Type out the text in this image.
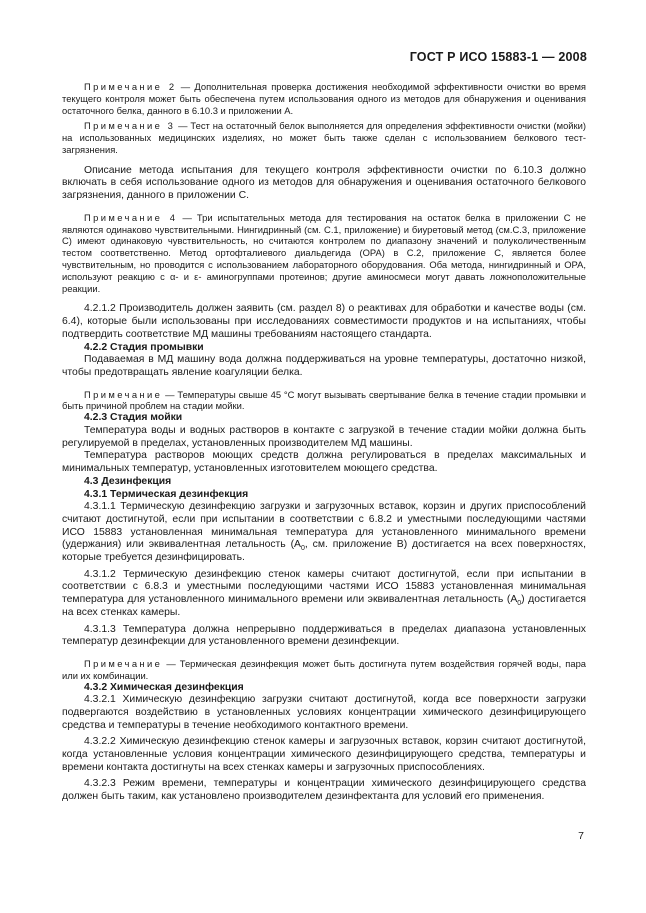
ГОСТ Р ИСО 15883-1 — 2008

Примечание 2 — Дополнительная проверка достижения необходимой эффективности очистки во время текущего контроля может быть обеспечена путем использования одного из методов для обнаружения и оценивания остаточного белка, данного в 6.10.3 и приложении А.

Примечание 3 — Тест на остаточный белок выполняется для определения эффективности очистки (мойки) на использованных медицинских изделиях, но может быть также сделан с использованием белкового тест-загрязнения.

Описание метода испытания для текущего контроля эффективности очистки по 6.10.3 должно включать в себя использование одного из методов для обнаружения и оценивания остаточного белкового загрязнения, данного в приложении С.

Примечание 4 — Три испытательных метода для тестирования на остаток белка в приложении С не являются одинаково чувствительными. Нингидринный (см. С.1, приложение) и биуретовый метод (см.С.3, приложение С) имеют одинаковую чувствительность, но считаются контролем по диапазону значений и полуколичественным тестом соответственно. Метод ортофталиевого диальдегида (ОРА) в С.2, приложение С, является более чувствительным, но проводится с использованием лабораторного оборудования. Оба метода, нингидринный и ОРА, используют реакцию с α- и ε- аминогруппами протеинов; другие аминосмеси могут давать ложноположительные реакции.

4.2.1.2 Производитель должен заявить (см. раздел 8) о реактивах для обработки и качестве воды (см. 6.4), которые были использованы при исследованиях совместимости продуктов и на испытаниях, чтобы подтвердить соответствие МД машины требованиям настоящего стандарта.

4.2.2 Стадия промывки

Подаваемая в МД машину вода должна поддерживаться на уровне температуры, достаточно низкой, чтобы предотвращать явление коагуляции белка.

Примечание — Температуры свыше 45 °С могут вызывать свертывание белка в течение стадии промывки и быть причиной проблем на стадии мойки.

4.2.3 Стадия мойки

Температура воды и водных растворов в контакте с загрузкой в течение стадии мойки должна быть регулируемой в пределах, установленных производителем МД машины.

Температура растворов моющих средств должна регулироваться в пределах максимальных и минимальных температур, установленных изготовителем моющего средства.

4.3 Дезинфекция

4.3.1 Термическая дезинфекция

4.3.1.1 Термическую дезинфекцию загрузки и загрузочных вставок, корзин и других приспособлений считают достигнутой, если при испытании в соответствии с 6.8.2 и уместными последующими частями ИСО 15883 установленная минимальная температура для установленного минимального времени (удержания) или эквивалентная летальность ($A_0$, см. приложение В) достигается на всех поверхностях, которые требуется дезинфицировать.

4.3.1.2 Термическую дезинфекцию стенок камеры считают достигнутой, если при испытании в соответствии с 6.8.3 и уместными последующими частями ИСО 15883 установленная минимальная температура для установленного минимального времени или эквивалентная летальность $(A_0)$ достигается на всех стенках камеры.

4.3.1.3 Температура должна непрерывно поддерживаться в пределах диапазона установленных температур дезинфекции для установленного времени дезинфекции.

Примечание — Термическая дезинфекция может быть достигнута путем воздействия горячей воды, пара или их комбинации.

4.3.2 Химическая дезинфекция

4.3.2.1 Химическую дезинфекцию загрузки считают достигнутой, когда все поверхности загрузки подвергаются воздействию в установленных условиях концентрации химического дезинфицирующего средства и температуры в течение необходимого контактного времени.

4.3.2.2 Химическую дезинфекцию стенок камеры и загрузочных вставок, корзин считают достигнутой, когда установленные условия концентрации химического дезинфицирующего средства, температуры и времени контакта достигнуты на всех стенках камеры и загрузочных приспособлениях.

4.3.2.3 Режим времени, температуры и концентрации химического дезинфицирующего средства должен быть таким, как установлено производителем дезинфектанта для условий его применения.

7
